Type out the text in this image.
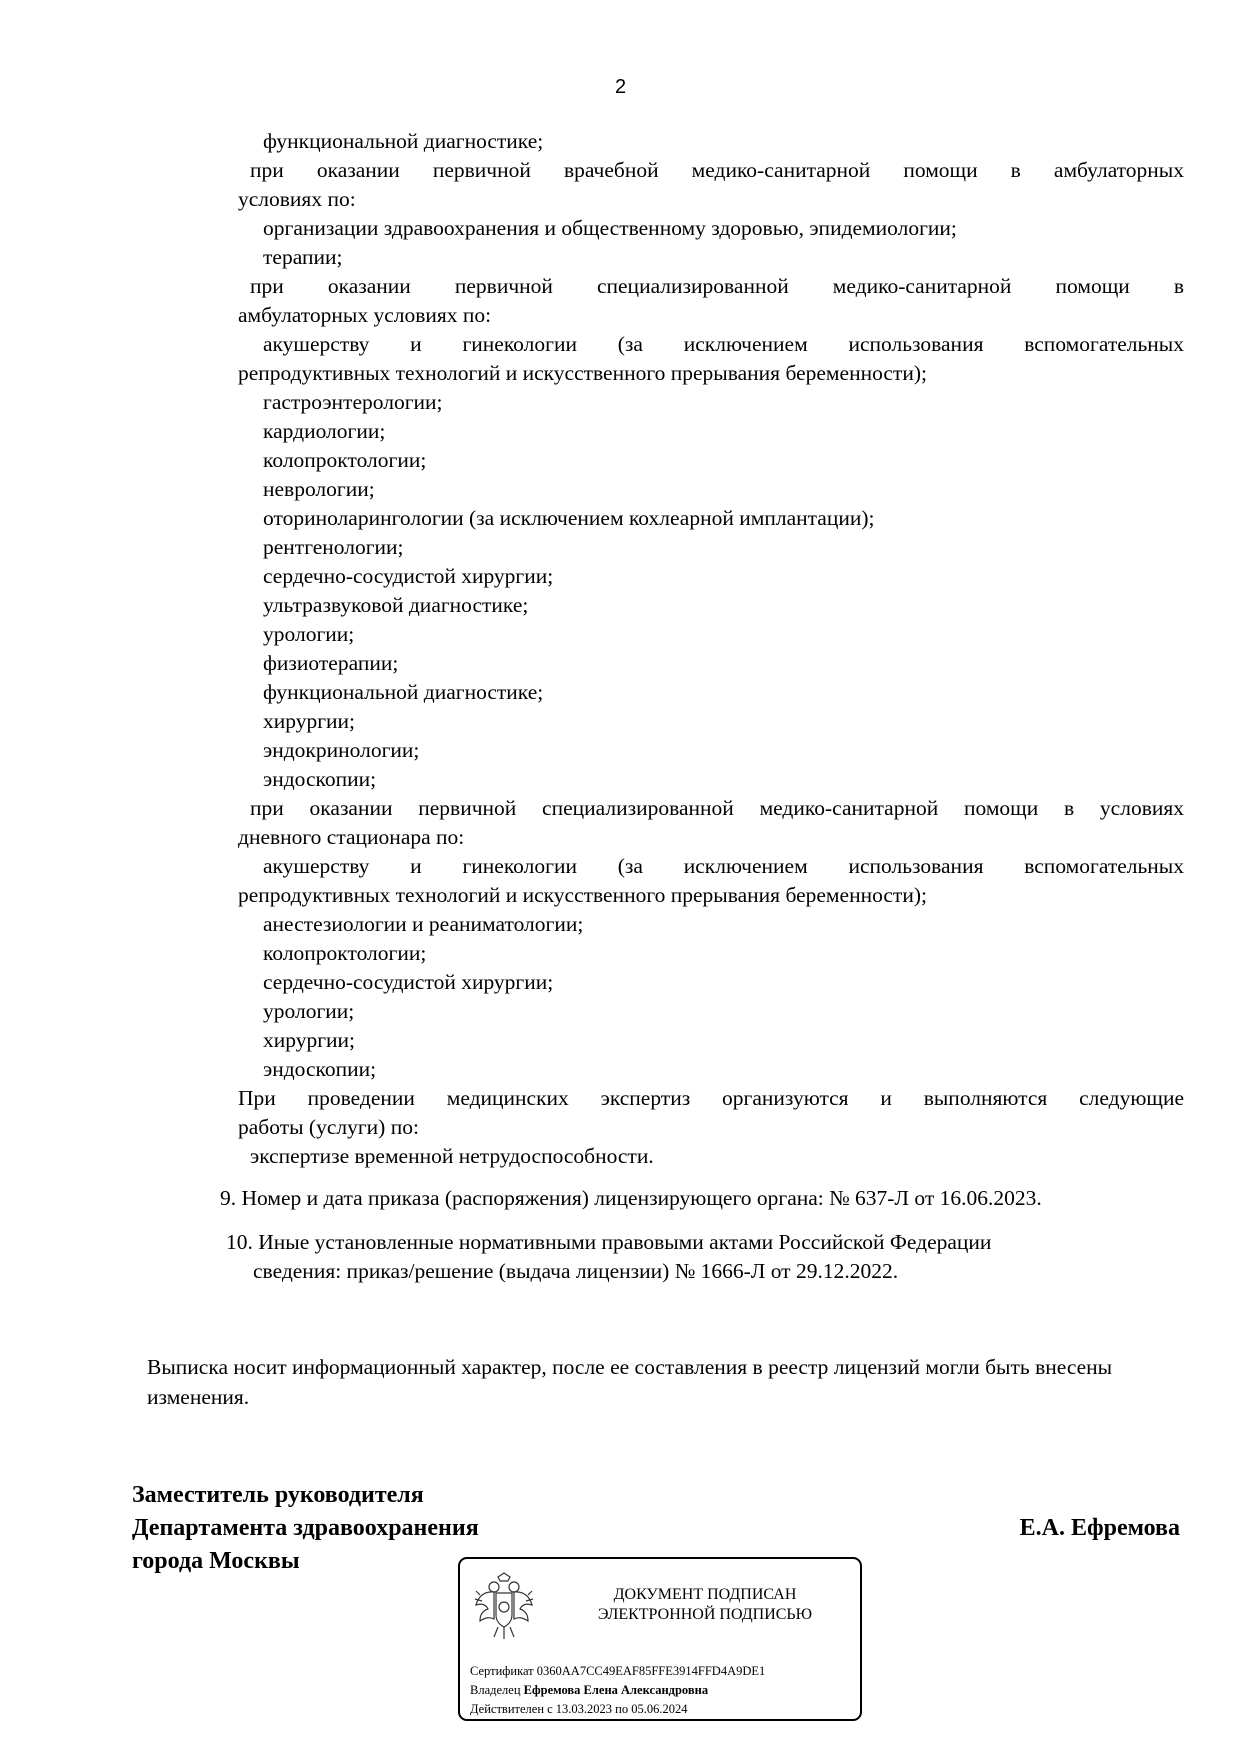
2
функциональной диагностике;
при оказании первичной врачебной медико-санитарной помощи в амбулаторных
условиях по:
организации здравоохранения и общественному здоровью, эпидемиологии;
терапии;
при оказании первичной специализированной медико-санитарной помощи в
амбулаторных условиях по:
акушерству и гинекологии (за исключением использования вспомогательных
репродуктивных технологий и искусственного прерывания беременности);
гастроэнтерологии;
кардиологии;
колопроктологии;
неврологии;
оториноларингологии (за исключением кохлеарной имплантации);
рентгенологии;
сердечно-сосудистой хирургии;
ультразвуковой диагностике;
урологии;
физиотерапии;
функциональной диагностике;
хирургии;
эндокринологии;
эндоскопии;
при оказании первичной специализированной медико-санитарной помощи в условиях
дневного стационара по:
акушерству и гинекологии (за исключением использования вспомогательных
репродуктивных технологий и искусственного прерывания беременности);
анестезиологии и реаниматологии;
колопроктологии;
сердечно-сосудистой хирургии;
урологии;
хирургии;
эндоскопии;
При проведении медицинских экспертиз организуются и выполняются следующие
работы (услуги) по:
экспертизе временной нетрудоспособности.
9. Номер и дата приказа (распоряжения) лицензирующего органа: № 637-Л от 16.06.2023.
10. Иные установленные нормативными правовыми актами Российской Федерации
сведения: приказ/решение (выдача лицензии) № 1666-Л от 29.12.2022.
Выписка носит информационный характер, после ее составления в реестр лицензий могли быть внесены изменения.
Заместитель руководителя
Департамента здравоохранения
города Москвы
Е.А. Ефремова
ДОКУМЕНТ ПОДПИСАН
ЭЛЕКТРОННОЙ ПОДПИСЬЮ
Сертификат 0360AA7CC49EAF85FFE3914FFD4A9DE1
Владелец Ефремова Елена Александровна
Действителен с 13.03.2023 по 05.06.2024
